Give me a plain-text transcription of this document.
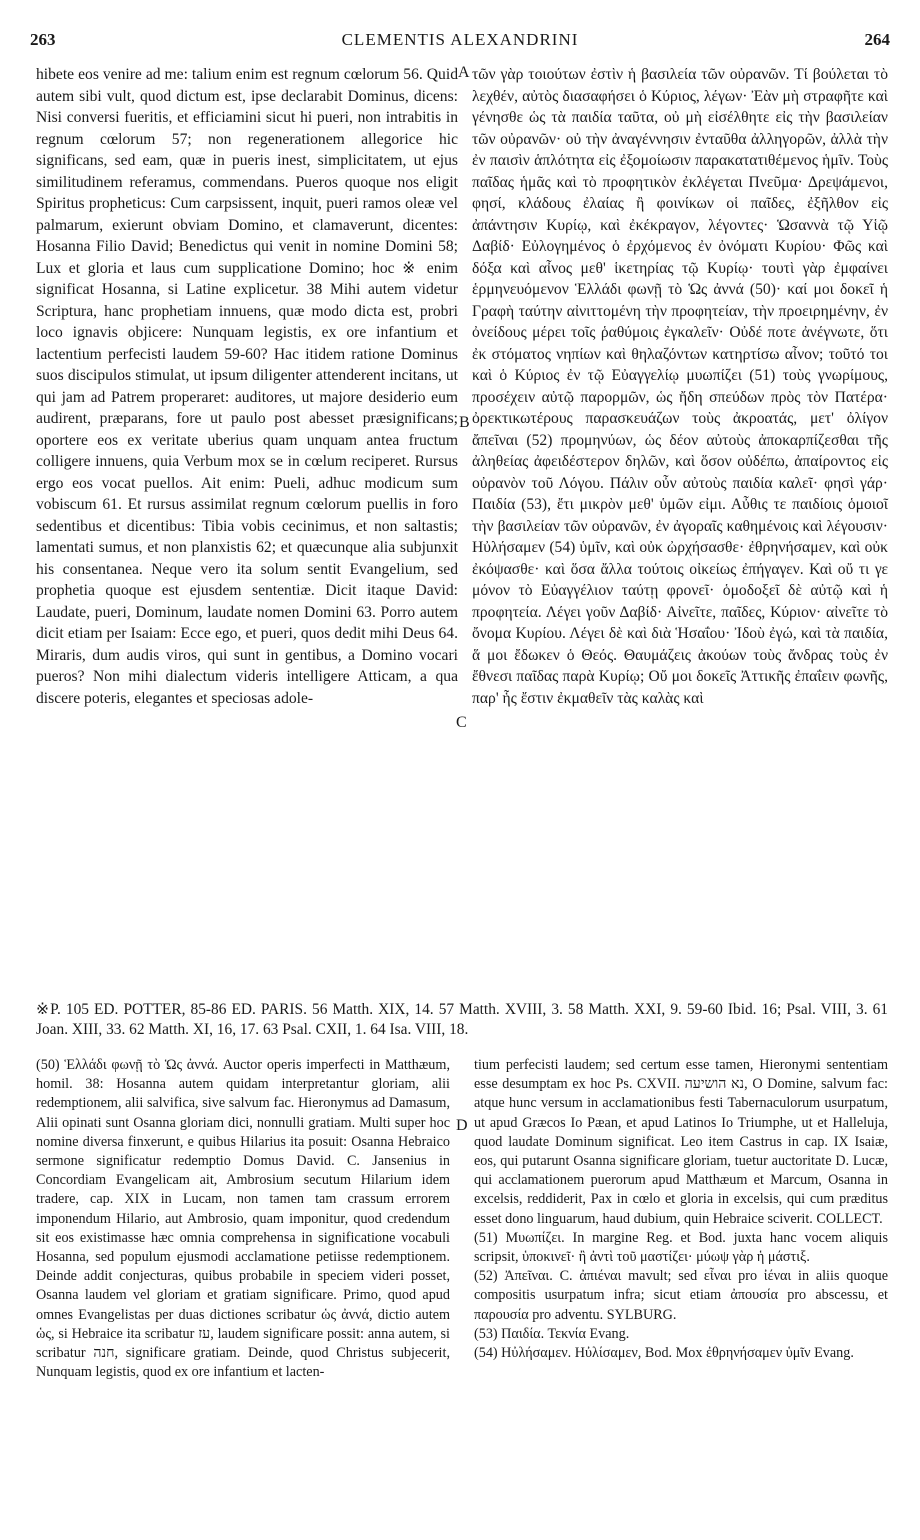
263	CLEMENTIS ALEXANDRINI	264

hibete eos venire ad me: talium enim est regnum cœlorum 56. Quid autem sibi vult, quod dictum est, ipse declarabit Dominus, dicens: Nisi conversi fueritis, et efficiamini sicut hi pueri, non intrabitis in regnum cœlorum 57; non regenerationem allegorice hic significans, sed eam, quæ in pueris inest, simplicitatem, ut ejus similitudinem referamus, commendans. Pueros quoque nos eligit Spiritus propheticus: Cum carpsissent, inquit, pueri ramos oleæ vel palmarum, exierunt obviam Domino, et clamaverunt, dicentes: Hosanna Filio David; Benedictus qui venit in nomine Domini 58; Lux et gloria et laus cum supplicatione Domino; hoc ※ enim significat Hosanna, si Latine explicetur. 38 Mihi autem videtur Scriptura, hanc prophetiam innuens, quæ modo dicta est, probri loco ignavis objicere: Nunquam legistis, ex ore infantium et lactentium perfecisti laudem 59-60? Hac itidem ratione Dominus suos discipulos stimulat, ut ipsum diligenter attenderent incitans, ut qui jam ad Patrem properaret: auditores, ut majore desiderio eum audirent, præparans, fore ut paulo post abesset præsignificans; oportere eos ex veritate uberius quam unquam antea fructum colligere innuens, quia Verbum mox se in cœlum reciperet. Rursus ergo eos vocat puellos. Ait enim: Pueli, adhuc modicum sum vobiscum 61. Et rursus assimilat regnum cœlorum puellis in foro sedentibus et dicentibus: Tibia vobis cecinimus, et non saltastis; lamentati sumus, et non planxistis 62; et quæcunque alia subjunxit his consentanea. Neque vero ita solum sentit Evangelium, sed prophetia quoque est ejusdem sententiæ. Dicit itaque David: Laudate, pueri, Dominum, laudate nomen Domini 63. Porro autem dicit etiam per Isaiam: Ecce ego, et pueri, quos dedit mihi Deus 64. Miraris, dum audis viros, qui sunt in gentibus, a Domino vocari pueros? Non mihi dialectum videris intelligere Atticam, a qua discere poteris, elegantes et speciosas adole-

A
B
C
D

τῶν γὰρ τοιούτων ἐστὶν ἡ βασιλεία τῶν οὐρανῶν. Τί βούλεται τὸ λεχθέν, αὐτὸς διασαφήσει ὁ Κύριος, λέγων· Ἐὰν μὴ στραφῆτε καὶ γένησθε ὡς τὰ παιδία ταῦτα, οὐ μὴ εἰσέλθητε εἰς τὴν βασιλείαν τῶν οὐρανῶν· οὐ τὴν ἀναγέννησιν ἐνταῦθα ἀλληγορῶν, ἀλλὰ τὴν ἐν παισὶν ἁπλότητα εἰς ἐξομοίωσιν παρακατατιθέμενος ἡμῖν. Τοὺς παῖδας ἡμᾶς καὶ τὸ προφητικὸν ἐκλέγεται Πνεῦμα· Δρεψάμενοι, φησί, κλάδους ἐλαίας ἢ φοινίκων οἱ παῖδες, ἐξῆλθον εἰς ἀπάντησιν Κυρίῳ, καὶ ἐκέκραγον, λέγοντες· Ὡσαννὰ τῷ Υἱῷ Δαβίδ· Εὐλογημένος ὁ ἐρχόμενος ἐν ὀνόματι Κυρίου· Φῶς καὶ δόξα καὶ αἶνος μεθ' ἱκετηρίας τῷ Κυρίῳ· τουτὶ γὰρ ἐμφαίνει ἑρμηνευόμενον Ἑλλάδι φωνῇ τὸ Ὡς ἀννά (50)· καί μοι δοκεῖ ἡ Γραφὴ ταύτην αἰνιττομένη τὴν προφητείαν, τὴν προειρημένην, ἐν ὀνείδους μέρει τοῖς ῥαθύμοις ἐγκαλεῖν· Οὐδέ ποτε ἀνέγνωτε, ὅτι ἐκ στόματος νηπίων καὶ θηλαζόντων κατηρτίσω αἶνον; τοῦτό τοι καὶ ὁ Κύριος ἐν τῷ Εὐαγγελίῳ μυωπίζει (51) τοὺς γνωρίμους, προσέχειν αὐτῷ παρορμῶν, ὡς ἤδη σπεύδων πρὸς τὸν Πατέρα· ὀρεκτικωτέρους παρασκευάζων τοὺς ἀκροατάς, μετ' ὀλίγον ἄπεῖναι (52) προμηνύων, ὡς δέον αὐτοὺς ἀποκαρπίζεσθαι τῆς ἀληθείας ἀφειδέστερον δηλῶν, καὶ ὅσον οὐδέπω, ἀπαίροντος εἰς οὐρανὸν τοῦ Λόγου. Πάλιν οὖν αὐτοὺς παιδία καλεῖ· φησὶ γάρ· Παιδία (53), ἔτι μικρὸν μεθ' ὑμῶν εἰμι. Αὖθις τε παιδίοις ὁμοιοῖ τὴν βασιλείαν τῶν οὐρανῶν, ἐν ἀγοραῖς καθημένοις καὶ λέγουσιν· Ηὐλήσαμεν (54) ὑμῖν, καὶ οὐκ ὠρχήσασθε· ἐθρηνήσαμεν, καὶ οὐκ ἐκόψασθε· καὶ ὅσα ἄλλα τούτοις οἰκείως ἐπήγαγεν. Καὶ οὔ τι γε μόνον τὸ Εὐαγγέλιον ταύτῃ φρονεῖ· ὁμοδοξεῖ δὲ αὐτῷ καὶ ἡ προφητεία. Λέγει γοῦν Δαβίδ· Αἰνεῖτε, παῖδες, Κύριον· αἰνεῖτε τὸ ὄνομα Κυρίου. Λέγει δὲ καὶ διὰ Ἡσαΐου· Ἰδοὺ ἐγώ, καὶ τὰ παιδία, ἅ μοι ἔδωκεν ὁ Θεός. Θαυμάζεις ἀκούων τοὺς ἄνδρας τοὺς ἐν ἔθνεσι παῖδας παρὰ Κυρίῳ; Οὔ μοι δοκεῖς Ἀττικῆς ἐπαΐειν φωνῆς, παρ' ἧς ἔστιν ἐκμαθεῖν τὰς καλὰς καὶ

※P. 105 ED. POTTER, 85-86 ED. PARIS. 56 Matth. XIX, 14. 57 Matth. XVIII, 3. 58 Matth. XXI, 9. 59-60 Ibid. 16; Psal. VIII, 3. 61 Joan. XIII, 33. 62 Matth. XI, 16, 17. 63 Psal. CXII, 1. 64 Isa. VIII, 18.

(50) Ἑλλάδι φωνῇ τὸ Ὡς ἀννά. Auctor operis imperfecti in Matthæum, homil. 38: Hosanna autem quidam interpretantur gloriam, alii redemptionem, alii salvifica, sive salvum fac. Hieronymus ad Damasum, Alii opinati sunt Osanna gloriam dici, nonnulli gratiam. Multi super hoc nomine diversa finxerunt, e quibus Hilarius ita posuit: Osanna Hebraico sermone significatur redemptio Domus David. C. Jansenius in Concordiam Evangelicam ait, Ambrosium secutum Hilarium idem tradere, cap. XIX in Lucam, non tamen tam crassum errorem imponendum Hilario, aut Ambrosio, quam imponitur, quod credendum sit eos existimasse hæc omnia comprehensa in significatione vocabuli Hosanna, sed populum ejusmodi acclamatione petiisse redemptionem. Deinde addit conjecturas, quibus probabile in speciem videri posset, Osanna laudem vel gloriam et gratiam significare. Primo, quod apud omnes Evangelistas per duas dictiones scribatur ὡς ἀννά, dictio autem ὡς, si Hebraice ita scribatur עז, laudem significare possit: anna autem, si scribatur חנה, significare gratiam. Deinde, quod Christus subjecerit, Nunquam legistis, quod ex ore infantium et lacten-

tium perfecisti laudem; sed certum esse tamen, Hieronymi sententiam esse desumptam ex hoc Ps. CXVII. נא הושיעה, O Domine, salvum fac: atque hunc versum in acclamationibus festi Tabernaculorum usurpatum, ut apud Græcos Io Pæan, et apud Latinos Io Triumphe, ut et Halleluja, quod laudate Dominum significat. Leo item Castrus in cap. IX Isaiæ, eos, qui putarunt Osanna significare gloriam, tuetur auctoritate D. Lucæ, qui acclamationem puerorum apud Matthæum et Marcum, Osanna in excelsis, reddiderit, Pax in cœlo et gloria in excelsis, qui cum præditus esset dono linguarum, haud dubium, quin Hebraice sciverit. COLLECT.

(51) Μυωπίζει. In margine Reg. et Bod. juxta hanc vocem aliquis scripsit, ὑποκινεῖ· ἢ ἀντὶ τοῦ μαστίζει· μύωψ γὰρ ἡ μάστιξ.

(52) Ἀπεῖναι. C. ἀπιέναι mavult; sed εἶναι pro ἰέναι in aliis quoque compositis usurpatum infra; sicut etiam ἀπουσία pro abscessu, et παρουσία pro adventu. SYLBURG.

(53) Παιδία. Τεκνία Evang.

(54) Ηὐλήσαμεν. Ηὐλίσαμεν, Bod. Mox ἐθρηνήσαμεν ὑμῖν Evang.
